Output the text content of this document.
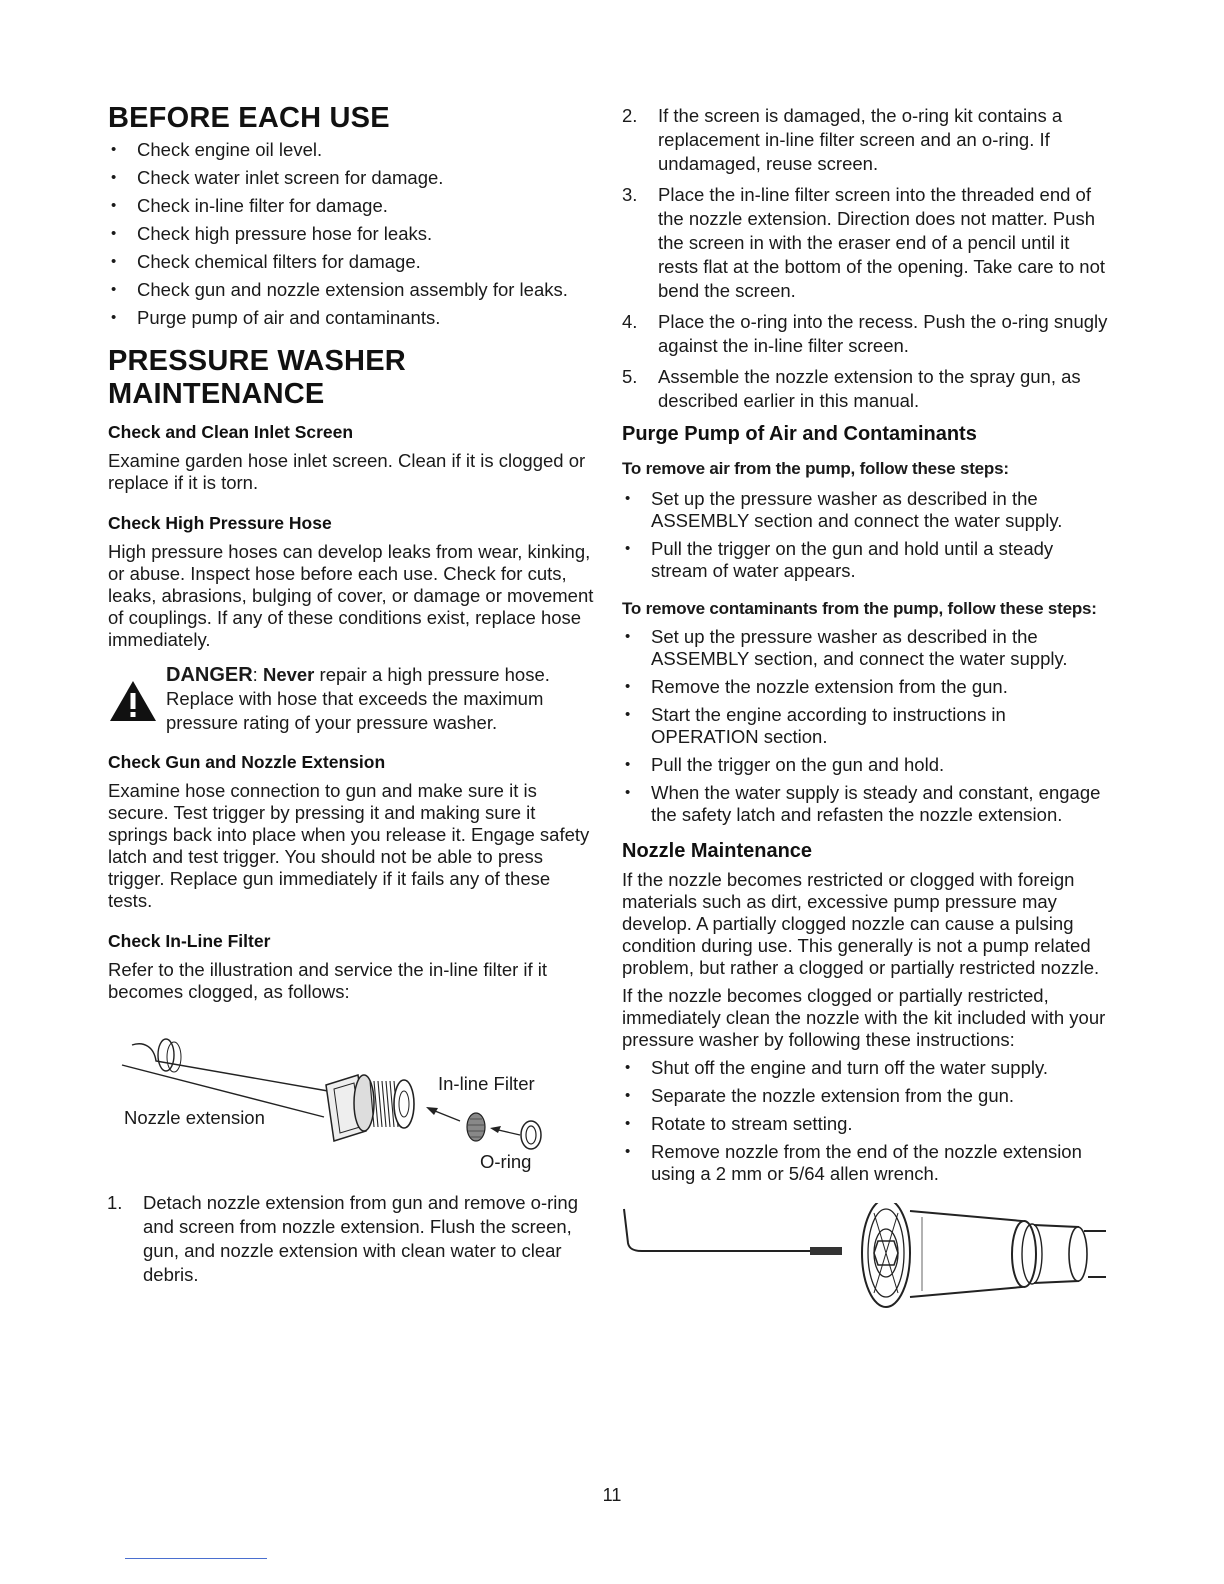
BEFORE EACH USE
• Check engine oil level.
• Check water inlet screen for damage.
• Check in-line filter for damage.
• Check high pressure hose for leaks.
• Check chemical filters for damage.
• Check gun and nozzle extension assembly for leaks.
• Purge pump of air and contaminants.
PRESSURE WASHER
MAINTENANCE
Check and Clean Inlet Screen

Examine garden hose inlet screen. Clean if it is clogged or replace if it is torn.

Check High Pressure Hose

High pressure hoses can develop leaks from wear, kinking, or abuse. Inspect hose before each use. Check for cuts, leaks, abrasions, bulging of cover, or damage or movement of couplings. If any of these conditions exist, replace hose immediately.

DANGER: Never repair a high pressure hose. Replace with hose that exceeds the maximum pressure rating of your pressure washer.

Check Gun and Nozzle Extension

Examine hose connection to gun and make sure it is secure. Test trigger by pressing it and making sure it springs back into place when you release it. Engage safety latch and test trigger. You should not be able to press trigger. Replace gun immediately if it fails any of these tests.

Check In-Line Filter

Refer to the illustration and service the in-line filter if it becomes clogged, as follows:

In-line Filter
Nozzle extension
O-ring
1. Detach nozzle extension from gun and remove o-ring and screen from nozzle extension. Flush the screen, gun, and nozzle extension with clean water to clear debris.
2. If the screen is damaged, the o-ring kit contains a replacement in-line filter screen and an o-ring. If undamaged, reuse screen.
3. Place the in-line filter screen into the threaded end of the nozzle extension. Direction does not matter. Push the screen in with the eraser end of a pencil until it rests flat at the bottom of the opening. Take care to not bend the screen.
4. Place the o-ring into the recess. Push the o-ring snugly against the in-line filter screen.
5. Assemble the nozzle extension to the spray gun, as described earlier in this manual.
Purge Pump of Air and Contaminants

To remove air from the pump, follow these steps:

• Set up the pressure washer as described in the ASSEMBLY section and connect the water supply.
• Pull the trigger on the gun and hold until a steady stream of water appears.

To remove contaminants from the pump, follow these steps:

• Set up the pressure washer as described in the ASSEMBLY section, and connect the water supply.
• Remove the nozzle extension from the gun.
• Start the engine according to instructions in OPERATION section.
• Pull the trigger on the gun and hold.
• When the water supply is steady and constant, engage the safety latch and refasten the nozzle extension.
Nozzle Maintenance

If the nozzle becomes restricted or clogged with foreign materials such as dirt, excessive pump pressure may develop. A partially clogged nozzle can cause a pulsing condition during use. This generally is not a pump related problem, but rather a clogged or partially restricted nozzle.

If the nozzle becomes clogged or partially restricted, immediately clean the nozzle with the kit included with your pressure washer by following these instructions:

• Shut off the engine and turn off the water supply.
• Separate the nozzle extension from the gun.
• Rotate to stream setting.
• Remove nozzle from the end of the nozzle extension using a 2 mm or 5/64 allen wrench.
11
